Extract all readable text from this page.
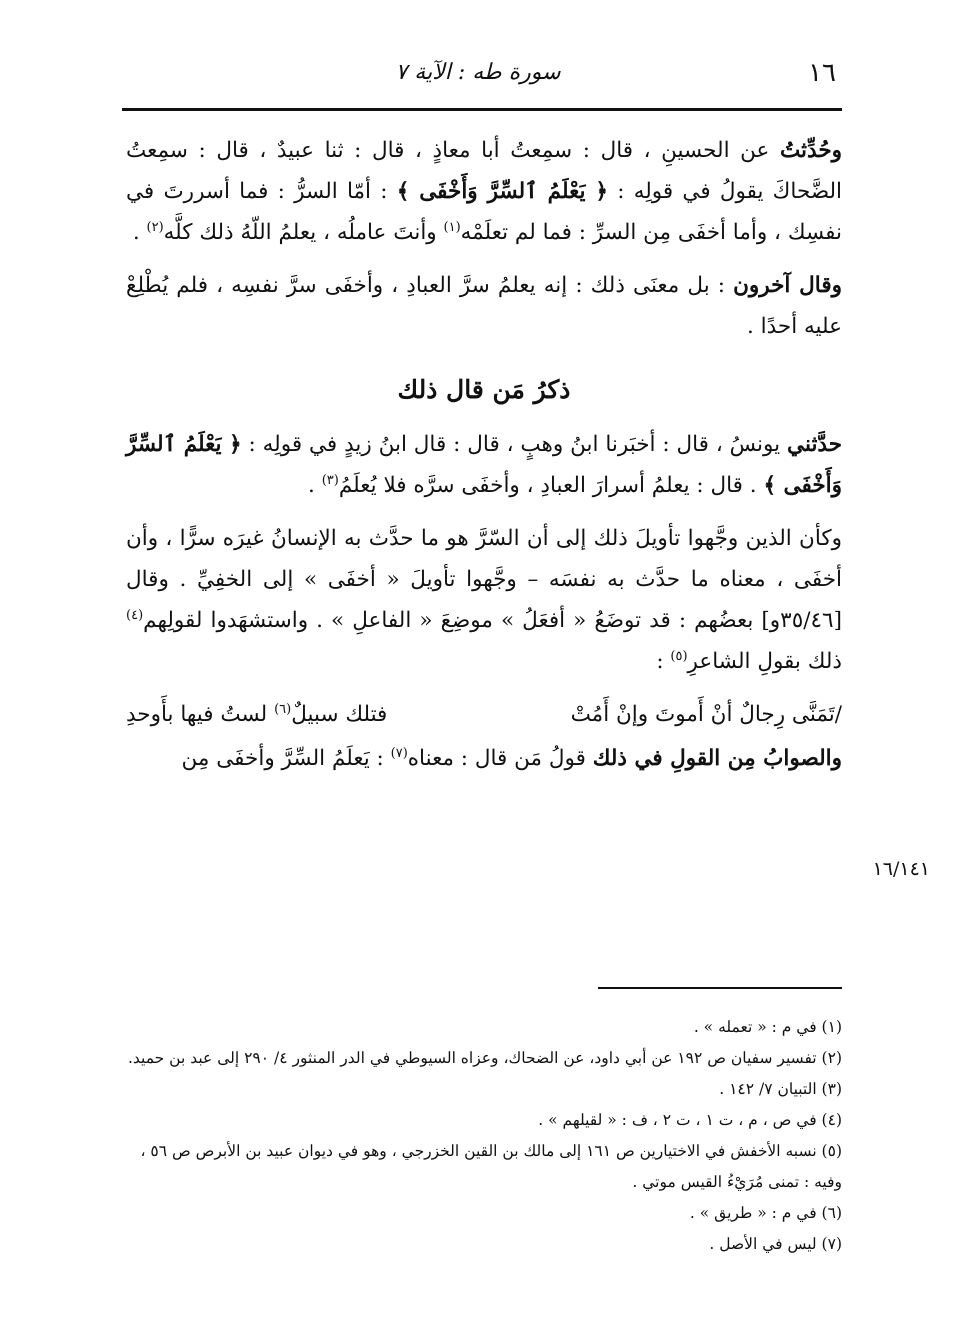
١٦
سورة طه : الآية ٧

وحُدِّثتُ عن الحسينِ ، قال : سمِعتُ أبا معاذٍ ، قال : ثنا عبيدٌ ، قال : سمِعتُ الضَّحاكَ يقولُ في قولِه : ﴿ يَعْلَمُ ٱلسِّرَّ وَأَخْفَى ﴾ : أمّا السرُّ : فما أسررتَ في نفسِك ، وأما أخفَى مِن السرِّ : فما لم تعلَمْه$^{(١)}$ وأنتَ عاملُه ، يعلمُ اللّهُ ذلك كلَّه$^{(٢)}$ .

وقال آخرون : بل معنَى ذلك : إنه يعلمُ سرَّ العبادِ ، وأخفَى سرَّ نفسِه ، فلم يُطْلِعْ عليه أحدًا .

ذكرُ مَن قال ذلك

حدَّثني يونسُ ، قال : أخبَرنا ابنُ وهبٍ ، قال : قال ابنُ زيدٍ في قولِه : ﴿ يَعْلَمُ ٱلسِّرَّ وَأَخْفَى ﴾ . قال : يعلمُ أسرارَ العبادِ ، وأخفَى سرَّه فلا يُعلَمُ$^{(٣)}$ .

وكأن الذين وجَّهوا تأويلَ ذلك إلى أن السّرَّ هو ما حدَّث به الإنسانُ غيرَه سرًّا ، وأن أخفَى ، معناه ما حدَّث به نفسَه – وجَّهوا تأويلَ « أخفَى » إلى الخفِيِّ . وقال [٣٥/٤٦و] بعضُهم : قد توضَعُ « أفعَلُ » موضِعَ « الفاعلِ » . واستشهَدوا لقولِهم$^{(٤)}$ ذلك بقولِ الشاعرِ$^{(٥)}$ :

/تَمَنَّى رِجالٌ أنْ أَموتَ وإنْ أَمُتْ
فتلك سبيلٌ$^{(٦)}$ لستُ فيها بأَوحدِ

والصوابُ مِن القولِ في ذلك قولُ مَن قال : معناه$^{(٧)}$ : يَعلَمُ السِّرَّ وأخفَى مِن

١٦/١٤١
(١) في م : « تعمله » .
(٢) تفسير سفيان ص ١٩٢ عن أبي داود، عن الضحاك، وعزاه السيوطي في الدر المنثور ٤/ ٢٩٠ إلى عبد بن حميد.
(٣) التبيان ٧/ ١٤٢ .
(٤) في ص ، م ، ت ١ ، ت ٢ ، ف : « لقيلهم » .
(٥) نسبه الأخفش في الاختيارين ص ١٦١ إلى مالك بن القين الخزرجي ، وهو في ديوان عبيد بن الأبرص ص ٥٦ ، وفيه : تمنى مُرَيْءُ القيس موتي .
(٦) في م : « طريق » .
(٧) ليس في الأصل .
